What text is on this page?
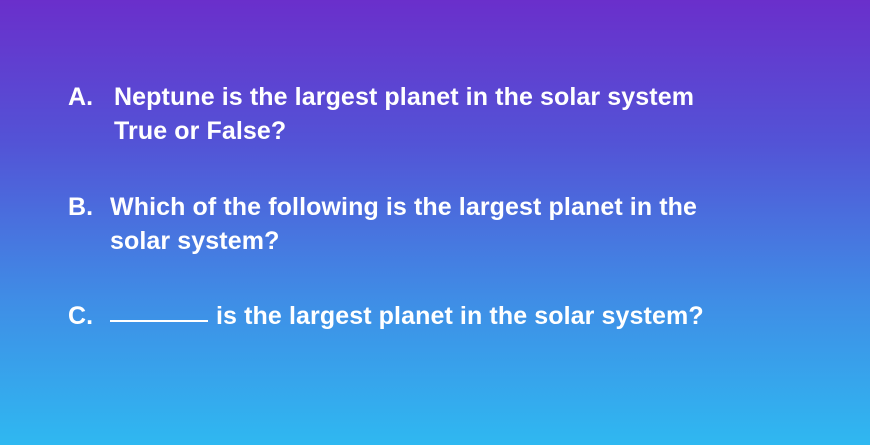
A. Neptune is the largest planet in the solar system
True or False?
B. Which of the following is the largest planet in the
solar system?
C.	is the largest planet in the solar system?
